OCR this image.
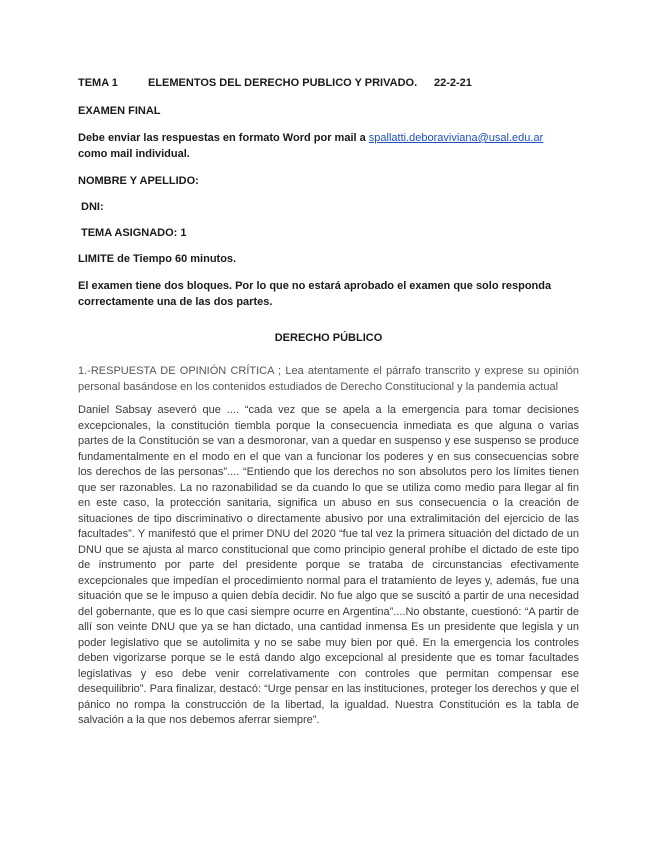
TEMA 1	ELEMENTOS DEL DERECHO PUBLICO Y PRIVADO.	22-2-21

EXAMEN FINAL

Debe enviar las respuestas en formato Word por mail a spallatti.deboraviviana@usal.edu.ar
como mail individual.

NOMBRE Y APELLIDO:

DNI:

TEMA ASIGNADO: 1

LIMITE de Tiempo 60 minutos.

El examen tiene dos bloques. Por lo que no estará aprobado el examen que solo responda correctamente una de las dos partes.

DERECHO PÚBLICO

1.-RESPUESTA DE OPINIÓN CRÍTICA ; Lea atentamente el párrafo transcrito y exprese su opinión personal basándose en los contenidos estudiados de Derecho Constitucional y la pandemia actual

Daniel Sabsay aseveró que .... “cada vez que se apela a la emergencia para tomar decisiones excepcionales, la constitución tiembla porque la consecuencia inmediata es que alguna o varias partes de la Constitución se van a desmoronar, van a quedar en suspenso y ese suspenso se produce fundamentalmente en el modo en el que van a funcionar los poderes y en sus consecuencias sobre los derechos de las personas”.... “Entiendo que los derechos no son absolutos pero los límites tienen que ser razonables. La no razonabilidad se da cuando lo que se utiliza como medio para llegar al fin en este caso, la protección sanitaria, significa un abuso en sus consecuencia o la creación de situaciones de tipo discriminativo o directamente abusivo por una extralimitación del ejercicio de las facultades”. Y manifestó que el primer DNU del 2020 “fue tal vez la primera situación del dictado de un DNU que se ajusta al marco constitucional que como principio general prohíbe el dictado de este tipo de instrumento por parte del presidente porque se trataba de circunstancias efectivamente excepcionales que impedían el procedimiento normal para el tratamiento de leyes y, además, fue una situación que se le impuso a quien debía decidir. No fue algo que se suscitó a partir de una necesidad del gobernante, que es lo que casi siempre ocurre en Argentina”....No obstante, cuestionó: “A partir de allí son veinte DNU que ya se han dictado, una cantidad inmensa Es un presidente que legisla y un poder legislativo que se autolimita y no se sabe muy bien por qué. En la emergencia los controles deben vigorizarse porque se le está dando algo excepcional al presidente que es tomar facultades legislativas y eso debe venir correlativamente con controles que permitan compensar ese desequilibrio”. Para finalizar, destacó: “Urge pensar en las instituciones, proteger los derechos y que el pánico no rompa la construcción de la libertad, la igualdad. Nuestra Constitución es la tabla de salvación a la que nos debemos aferrar siempre”.
